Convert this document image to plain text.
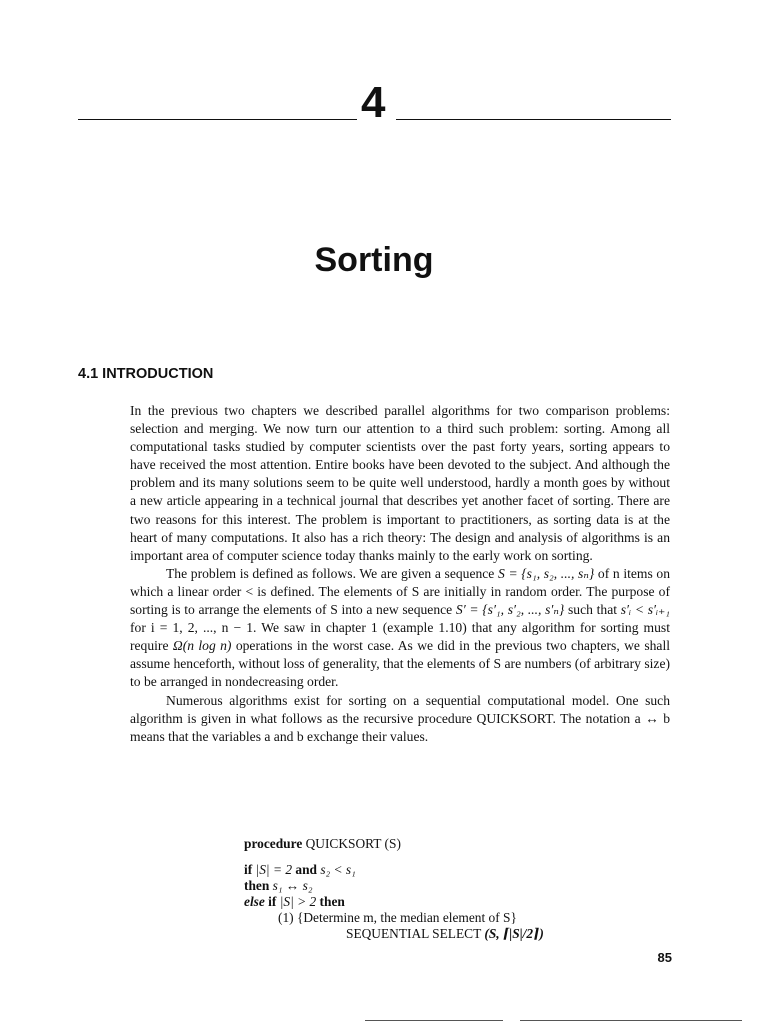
4
Sorting
4.1 INTRODUCTION

In the previous two chapters we described parallel algorithms for two comparison problems: selection and merging. We now turn our attention to a third such problem: sorting. Among all computational tasks studied by computer scientists over the past forty years, sorting appears to have received the most attention. Entire books have been devoted to the subject. And although the problem and its many solutions seem to be quite well understood, hardly a month goes by without a new article appearing in a technical journal that describes yet another facet of sorting. There are two reasons for this interest. The problem is important to practitioners, as sorting data is at the heart of many computations. It also has a rich theory: The design and analysis of algorithms is an important area of computer science today thanks mainly to the early work on sorting.

The problem is defined as follows. We are given a sequence S = {s₁, s₂, ..., sₙ} of n items on which a linear order < is defined. The elements of S are initially in random order. The purpose of sorting is to arrange the elements of S into a new sequence S′ = {s′₁, s′₂, ..., s′ₙ} such that s′ᵢ < s′ᵢ₊₁ for i = 1, 2, ..., n − 1. We saw in chapter 1 (example 1.10) that any algorithm for sorting must require Ω(n log n) operations in the worst case. As we did in the previous two chapters, we shall assume henceforth, without loss of generality, that the elements of S are numbers (of arbitrary size) to be arranged in nondecreasing order.

Numerous algorithms exist for sorting on a sequential computational model. One such algorithm is given in what follows as the recursive procedure QUICKSORT. The notation a ↔ b means that the variables a and b exchange their values.

procedure QUICKSORT (S)
if |S| = 2 and s₂ < s₁
then s₁ ↔ s₂
else if |S| > 2 then
(1) {Determine m, the median element of S}
SEQUENTIAL SELECT (S, ⌈|S|/2⌉)
85
